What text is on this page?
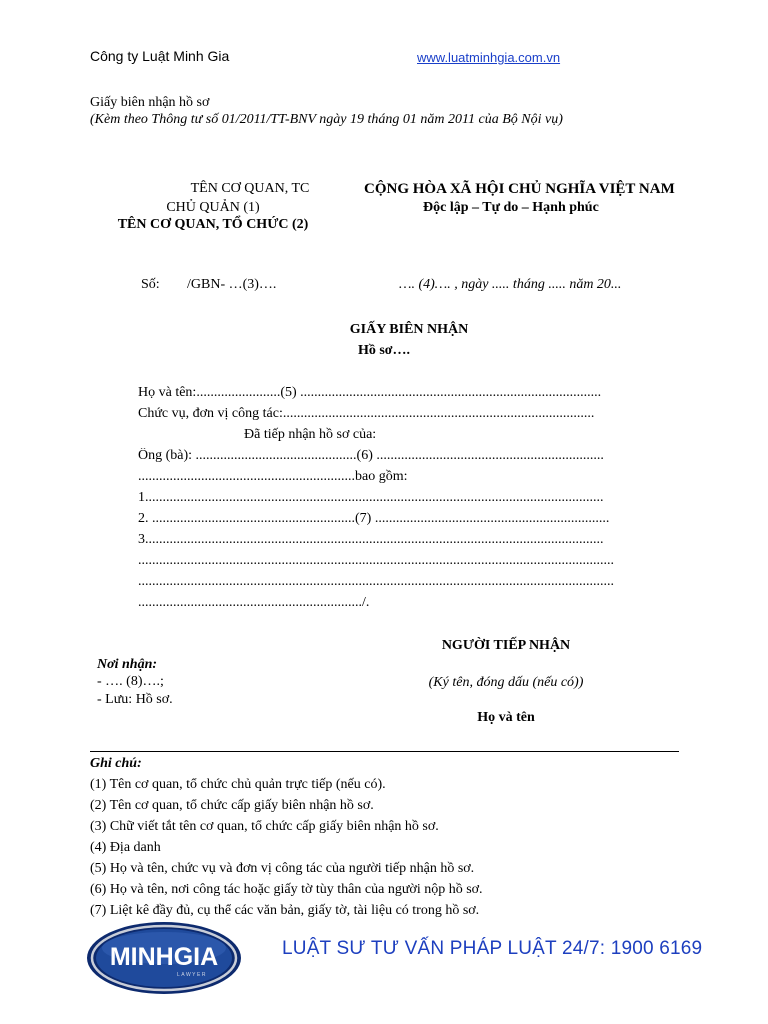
Công ty Luật Minh Gia	www.luatminhgia.com.vn
Giấy biên nhận hồ sơ
(Kèm theo Thông tư số 01/2011/TT-BNV ngày 19 tháng 01 năm 2011 của Bộ Nội vụ)
TÊN CƠ QUAN, TC
CHỦ QUẢN (1)
TÊN CƠ QUAN, TỔ CHỨC (2)
CỘNG HÒA XÃ HỘI CHỦ NGHĨA VIỆT NAM
Độc lập – Tự do – Hạnh phúc
Số: /GBN- …(3)….	…. (4)…. , ngày ..... tháng ..... năm 20...
GIẤY BIÊN NHẬN
Hồ sơ….
Họ và tên:........................(5) ......................................................................................
Chức vụ, đơn vị công tác:.........................................................................................
Đã tiếp nhận hồ sơ của:
Ông (bà): ..............................................(6) .................................................................
..............................................................bao gồm:
1...................................................................................................................................
2. ..........................................................(7) ...................................................................
3...................................................................................................................................
........................................................................................................................................
........................................................................................................................................
................................................................/.
NGƯỜI TIẾP NHẬN
(Ký tên, đóng dấu (nếu có))
Họ và tên
Nơi nhận:
- …. (8)….;
- Lưu: Hồ sơ.
Ghi chú:
(1) Tên cơ quan, tổ chức chủ quản trực tiếp (nếu có).
(2) Tên cơ quan, tổ chức cấp giấy biên nhận hồ sơ.
(3) Chữ viết tắt tên cơ quan, tổ chức cấp giấy biên nhận hồ sơ.
(4) Địa danh
(5) Họ và tên, chức vụ và đơn vị công tác của người tiếp nhận hồ sơ.
(6) Họ và tên, nơi công tác hoặc giấy tờ tùy thân của người nộp hồ sơ.
(7) Liệt kê đầy đủ, cụ thể các văn bản, giấy tờ, tài liệu có trong hồ sơ.
MINHGIA
LAWYER
LUẬT SƯ TƯ VẤN PHÁP LUẬT 24/7: 1900 6169
